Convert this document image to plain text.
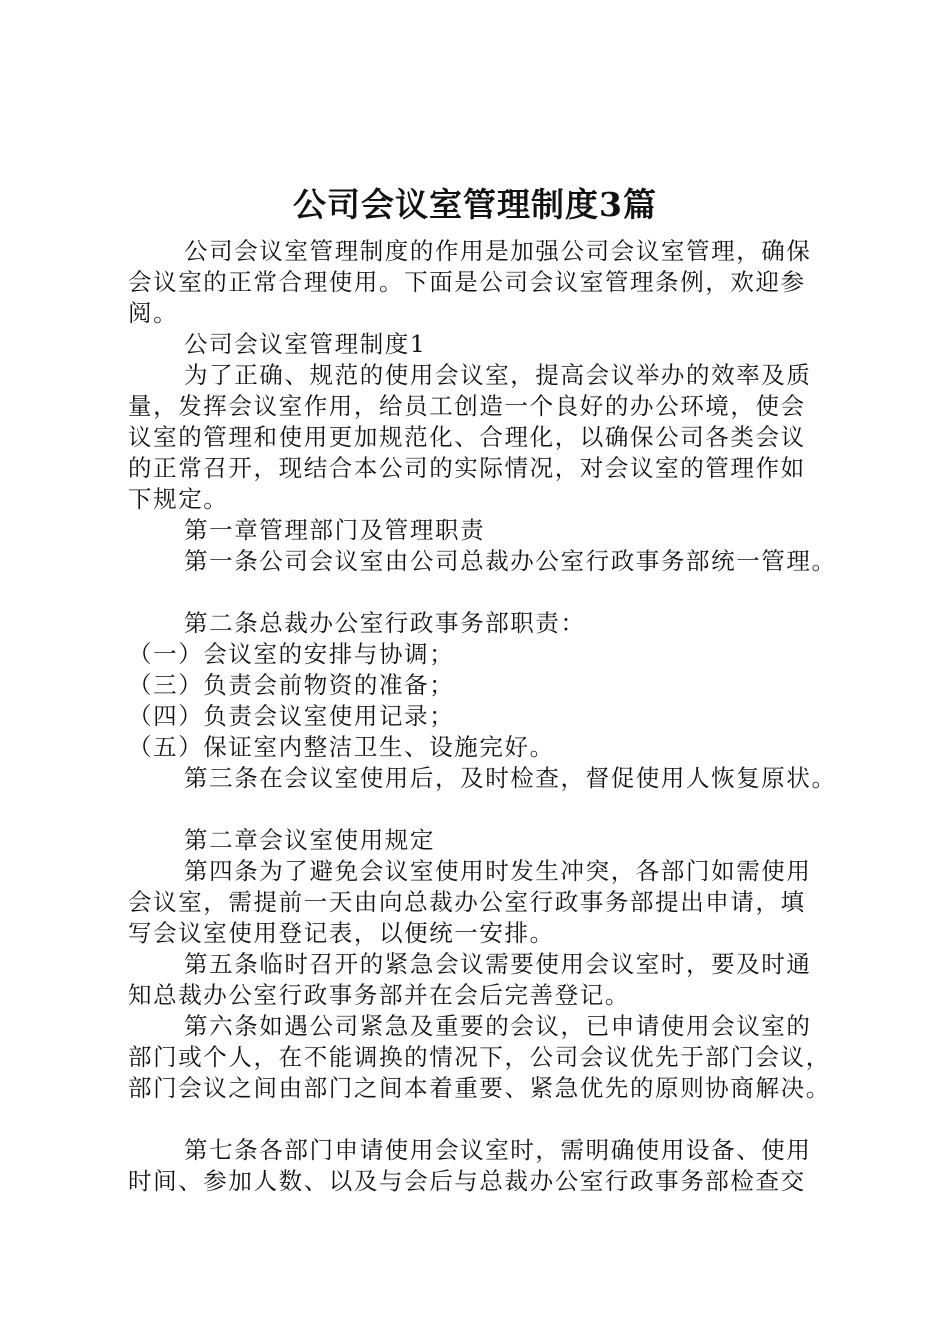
公司会议室管理制度3篇

公司会议室管理制度的作用是加强公司会议室管理，确保

会议室的正常合理使用。下面是公司会议室管理条例，欢迎参

阅。

公司会议室管理制度1

为了正确、规范的使用会议室，提高会议举办的效率及质

量，发挥会议室作用，给员工创造一个良好的办公环境，使会

议室的管理和使用更加规范化、合理化，以确保公司各类会议

的正常召开，现结合本公司的实际情况，对会议室的管理作如

下规定。

第一章管理部门及管理职责

第一条公司会议室由公司总裁办公室行政事务部统一管理。

第二条总裁办公室行政事务部职责：

（一）会议室的安排与协调；

（三）负责会前物资的准备；

（四）负责会议室使用记录；

（五）保证室内整洁卫生、设施完好。

第三条在会议室使用后，及时检查，督促使用人恢复原状。

第二章会议室使用规定

第四条为了避免会议室使用时发生冲突，各部门如需使用

会议室，需提前一天由向总裁办公室行政事务部提出申请，填

写会议室使用登记表，以便统一安排。

第五条临时召开的紧急会议需要使用会议室时，要及时通

知总裁办公室行政事务部并在会后完善登记。

第六条如遇公司紧急及重要的会议，已申请使用会议室的

部门或个人，在不能调换的情况下，公司会议优先于部门会议，

部门会议之间由部门之间本着重要、紧急优先的原则协商解决。

第七条各部门申请使用会议室时，需明确使用设备、使用

时间、参加人数、以及与会后与总裁办公室行政事务部检查交
